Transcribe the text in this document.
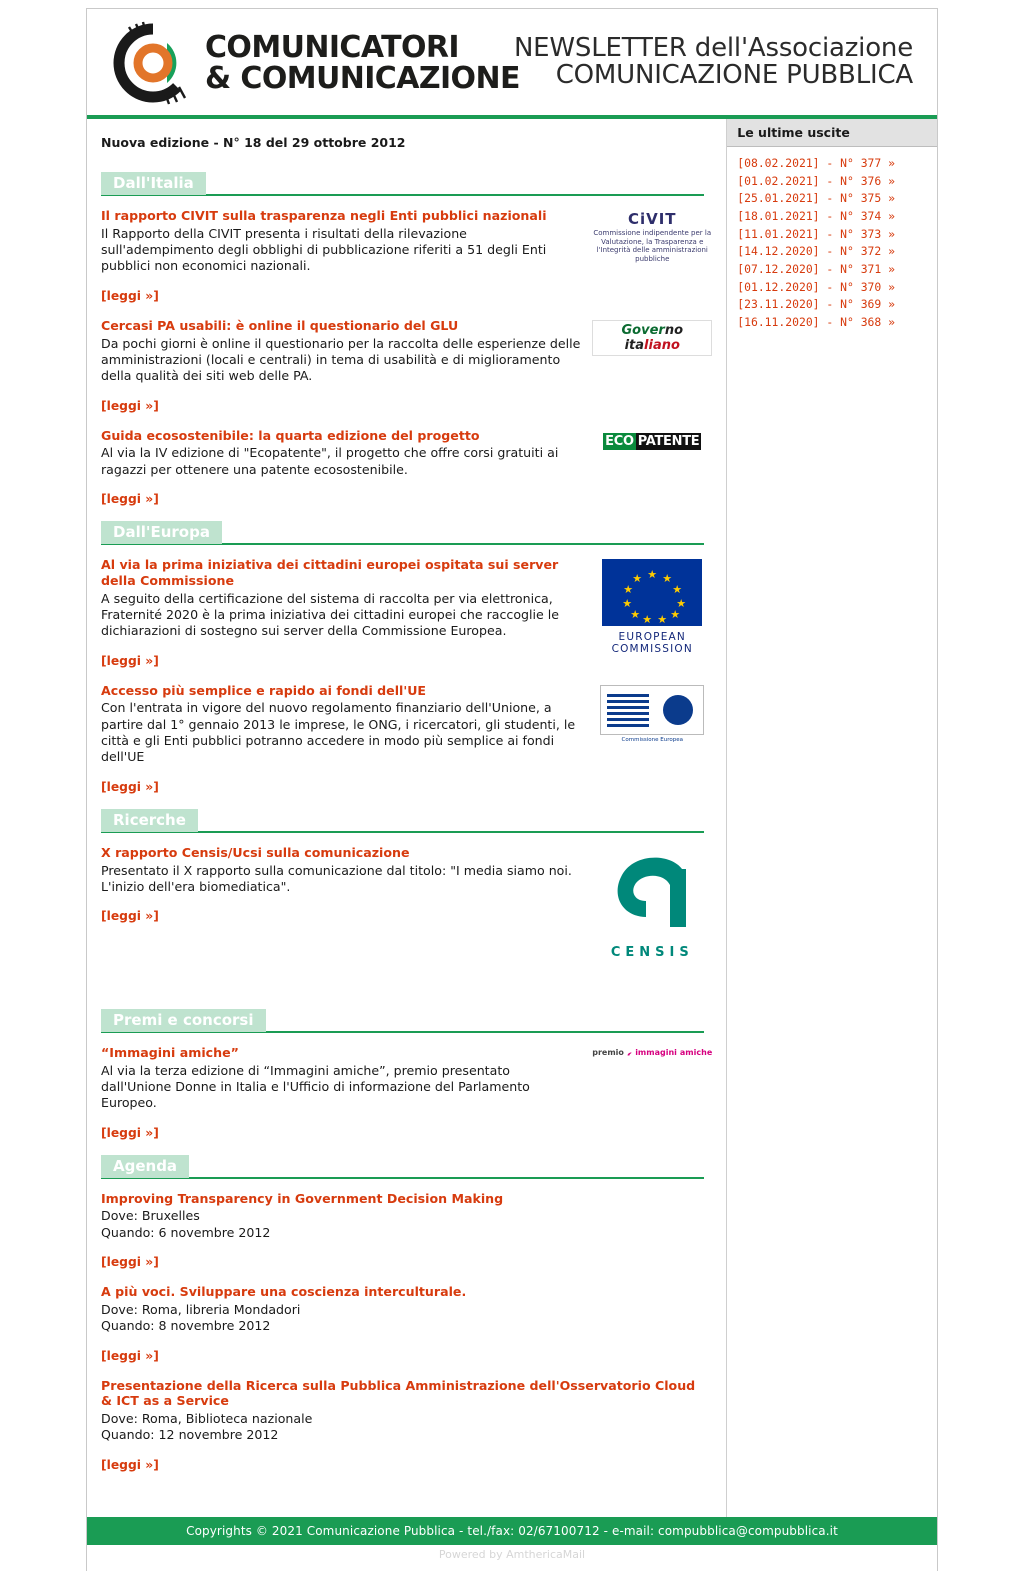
COMUNICATORI
& COMUNICAZIONE
NEWSLETTER dell'Associazione
COMUNICAZIONE PUBBLICA
Nuova edizione - N° 18 del 29 ottobre 2012
Dall'Italia
CiVIT
Commissione indipendente per la Valutazione, la Trasparenza e l'Integrità delle amministrazioni pubbliche
Il rapporto CIVIT sulla trasparenza negli Enti pubblici nazionali
Il Rapporto della CIVIT presenta i risultati della rilevazione sull'adempimento degli obblighi di pubblicazione riferiti a 51 degli Enti pubblici non economici nazionali.
[leggi »]
Governo italiano
Cercasi PA usabili: è online il questionario del GLU
Da pochi giorni è online il questionario per la raccolta delle esperienze delle amministrazioni (locali e centrali) in tema di usabilità e di miglioramento della qualità dei siti web delle PA.
[leggi »]
ECO PATENTE
Guida ecosostenibile: la quarta edizione del progetto
Al via la IV edizione di "Ecopatente", il progetto che offre corsi gratuiti ai ragazzi per ottenere una patente ecosostenibile.
[leggi »]
Dall'Europa
★ ★
★
★
★
★
★
★
★
★
★

EUROPEAN COMMISSION
Al via la prima iniziativa dei cittadini europei ospitata sui server della Commissione
A seguito della certificazione del sistema di raccolta per via elettronica, Fraternité 2020 è la prima iniziativa dei cittadini europei che raccoglie le dichiarazioni di sostegno sui server della Commissione Europea.
[leggi »]
Commissione Europea
Accesso più semplice e rapido ai fondi dell'UE
Con l'entrata in vigore del nuovo regolamento finanziario dell'Unione, a partire dal 1° gennaio 2013 le imprese, le ONG, i ricercatori, gli studenti, le città e gli Enti pubblici potranno accedere in modo più semplice ai fondi dell'UE
[leggi »]
Ricerche
CENSIS
X rapporto Censis/Ucsi sulla comunicazione
Presentato il X rapporto sulla comunicazione dal titolo: "I media siamo noi. L'inizio dell'era biomediatica".
[leggi »]
Premi e concorsi
premio immagini amiche
“Immagini amiche”
Al via la terza edizione di “Immagini amiche”, premio presentato dall'Unione Donne in Italia e l'Ufficio di informazione del Parlamento Europeo.
[leggi »]
Agenda
Improving Transparency in Government Decision Making
Dove: Bruxelles
Quando: 6 novembre 2012
[leggi »]
A più voci. Sviluppare una coscienza interculturale.
Dove: Roma, libreria Mondadori
Quando: 8 novembre 2012
[leggi »]
Presentazione della Ricerca sulla Pubblica Amministrazione dell'Osservatorio Cloud & ICT as a Service
Dove: Roma, Biblioteca nazionale
Quando: 12 novembre 2012
[leggi »]
Le ultime uscite
[08.02.2021] - N° 377 »
[01.02.2021] - N° 376 »
[25.01.2021] - N° 375 »
[18.01.2021] - N° 374 »
[11.01.2021] - N° 373 »
[14.12.2020] - N° 372 »
[07.12.2020] - N° 371 »
[01.12.2020] - N° 370 »
[23.11.2020] - N° 369 »
[16.11.2020] - N° 368 »
Copyrights © 2021 Comunicazione Pubblica - tel./fax: 02/67100712 - e-mail: compubblica@compubblica.it
Powered by AmthericaMail
